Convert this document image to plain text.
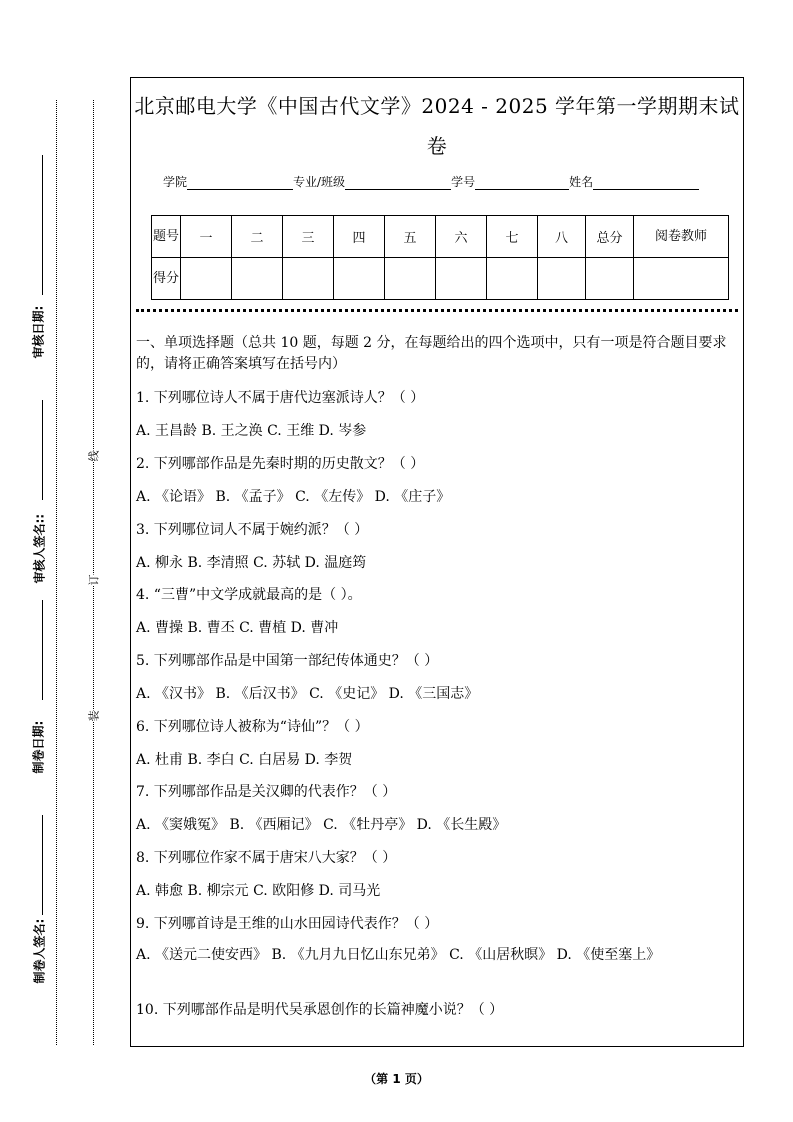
审核日期:
审核人签名::
制卷日期:
制卷人签名:
线
订
装
北京邮电大学《中国古代文学》2024 - 2025 学年第一学期期末试
卷
学院	专业/班级	学号	姓名
题号	一	二	三	四	五	六	七	八	总分	阅卷教师
得分										
一、单项选择题（总共 10 题，每题 2 分，在每题给出的四个选项中，只有一项是符合题目要求的，请将正确答案填写在括号内）
1. 下列哪位诗人不属于唐代边塞派诗人？（ ）
A. 王昌龄 B. 王之涣 C. 王维 D. 岑参
2. 下列哪部作品是先秦时期的历史散文？（ ）
A. 《论语》 B. 《孟子》 C. 《左传》 D. 《庄子》
3. 下列哪位词人不属于婉约派？（ ）
A. 柳永 B. 李清照 C. 苏轼 D. 温庭筠
4. “三曹”中文学成就最高的是（ ）。
A. 曹操 B. 曹丕 C. 曹植 D. 曹冲
5. 下列哪部作品是中国第一部纪传体通史？（ ）
A. 《汉书》 B. 《后汉书》 C. 《史记》 D. 《三国志》
6. 下列哪位诗人被称为“诗仙”？（ ）
A. 杜甫 B. 李白 C. 白居易 D. 李贺
7. 下列哪部作品是关汉卿的代表作？（ ）
A. 《窦娥冤》 B. 《西厢记》 C. 《牡丹亭》 D. 《长生殿》
8. 下列哪位作家不属于唐宋八大家？（ ）
A. 韩愈 B. 柳宗元 C. 欧阳修 D. 司马光
9. 下列哪首诗是王维的山水田园诗代表作？（ ）
A. 《送元二使安西》 B. 《九月九日忆山东兄弟》 C. 《山居秋暝》 D. 《使至塞上》
10. 下列哪部作品是明代吴承恩创作的长篇神魔小说？（ ）
（第 1 页）
